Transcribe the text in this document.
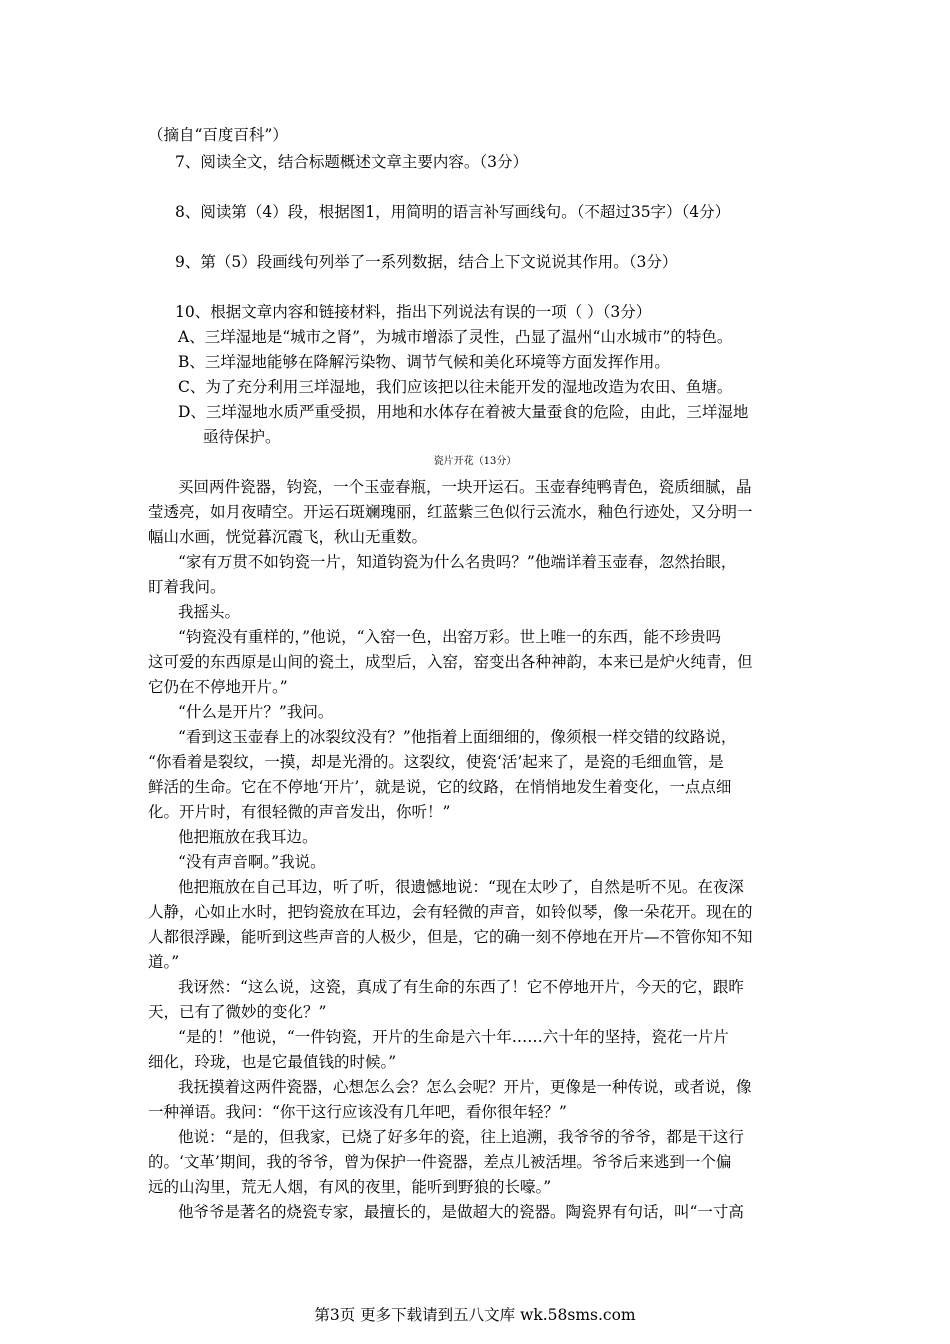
（摘自“百度百科”）
7、阅读全文，结合标题概述文章主要内容。（3分）
8、阅读第（4）段，根据图1，用简明的语言补写画线句。（不超过35字）（4分）
9、第（5）段画线句列举了一系列数据，结合上下文说说其作用。（3分）
10、根据文章内容和链接材料，指出下列说法有误的一项（ ）（3分）
A、三垟湿地是“城市之肾”，为城市增添了灵性，凸显了温州“山水城市”的特色。
B、三垟湿地能够在降解污染物、调节气候和美化环境等方面发挥作用。
C、为了充分利用三垟湿地，我们应该把以往未能开发的湿地改造为农田、鱼塘。
D、三垟湿地水质严重受损，用地和水体存在着被大量蚕食的危险，由此，三垟湿地
亟待保护。
瓷片开花（13分）
买回两件瓷器，钧瓷，一个玉壶春瓶，一块开运石。玉壶春纯鸭青色，瓷质细腻，晶
莹透亮，如月夜晴空。开运石斑斓瑰丽，红蓝紫三色似行云流水，釉色行迹处，又分明一
幅山水画，恍觉暮沉霞飞，秋山无重数。
“家有万贯不如钧瓷一片，知道钧瓷为什么名贵吗？”他端详着玉壶春，忽然抬眼，
盯着我问。
我摇头。
“钧瓷没有重样的，”他说，“入窑一色，出窑万彩。世上唯一的东西，能不珍贵吗
这可爱的东西原是山间的瓷土，成型后，入窑，窑变出各种神韵，本来已是炉火纯青，但
它仍在不停地开片。”
“什么是开片？”我问。
“看到这玉壶春上的冰裂纹没有？”他指着上面细细的，像须根一样交错的纹路说，
“你看着是裂纹，一摸，却是光滑的。这裂纹，使瓷‘活’起来了，是瓷的毛细血管，是
鲜活的生命。它在不停地‘开片’，就是说，它的纹路，在悄悄地发生着变化，一点点细
化。开片时，有很轻微的声音发出，你听！”
他把瓶放在我耳边。
“没有声音啊。”我说。
他把瓶放在自己耳边，听了听，很遗憾地说：“现在太吵了，自然是听不见。在夜深
人静，心如止水时，把钧瓷放在耳边，会有轻微的声音，如铃似琴，像一朵花开。现在的
人都很浮躁，能听到这些声音的人极少，但是，它的确一刻不停地在开片—不管你知不知
道。”
我讶然：“这么说，这瓷，真成了有生命的东西了！它不停地开片，今天的它，跟昨
天，已有了微妙的变化？”
“是的！”他说，“一件钧瓷，开片的生命是六十年……六十年的坚持，瓷花一片片
细化，玲珑，也是它最值钱的时候。”
我抚摸着这两件瓷器，心想怎么会？怎么会呢？开片，更像是一种传说，或者说，像
一种禅语。我问：“你干这行应该没有几年吧，看你很年轻？”
他说：“是的，但我家，已烧了好多年的瓷，往上追溯，我爷爷的爷爷，都是干这行
的。‘文革’期间，我的爷爷，曾为保护一件瓷器，差点儿被活埋。爷爷后来逃到一个偏
远的山沟里，荒无人烟，有风的夜里，能听到野狼的长嚎。”
他爷爷是著名的烧瓷专家，最擅长的，是做超大的瓷器。陶瓷界有句话，叫“一寸高
第3页 更多下载请到五八文库 wk.58sms.com
